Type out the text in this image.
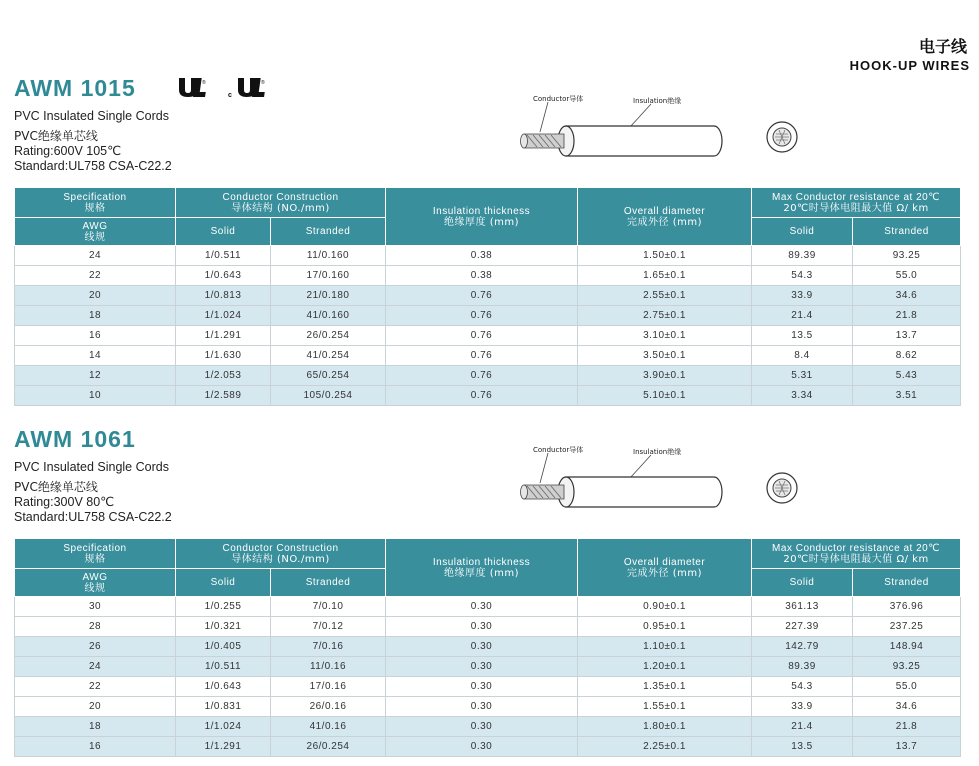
电子线
HOOK-UP WIRES
AWM 1015	®
c
®
PVC Insulated Single Cords
PVC绝缘单芯线
Rating:600V 105℃
Standard:UL758 CSA-C22.2
Conductor导体	Insulation绝缘
Specification
规格	Conductor Construction
导体结构 (NO./mm)		Insulation thickness
绝缘厚度 (mm)	Overall diameter
完成外径 (mm)	Max Conductor resistance at 20℃
20℃时导体电阻最大值 Ω/ km	
AWG
线规	Solid	Stranded			Solid	Stranded
24	1/0.511	11/0.160	0.38	1.50±0.1	89.39	93.25
22	1/0.643	17/0.160	0.38	1.65±0.1	54.3	55.0
20	1/0.813	21/0.180	0.76	2.55±0.1	33.9	34.6
18	1/1.024	41/0.160	0.76	2.75±0.1	21.4	21.8
16	1/1.291	26/0.254	0.76	3.10±0.1	13.5	13.7
14	1/1.630	41/0.254	0.76	3.50±0.1	8.4	8.62
12	1/2.053	65/0.254	0.76	3.90±0.1	5.31	5.43
10	1/2.589	105/0.254	0.76	5.10±0.1	3.34	3.51
AWM 1061
PVC Insulated Single Cords
PVC绝缘单芯线
Rating:300V 80℃
Standard:UL758 CSA-C22.2
Conductor导体	Insulation绝缘
Specification
规格	Conductor Construction
导体结构 (NO./mm)		Insulation thickness
绝缘厚度 (mm)	Overall diameter
完成外径 (mm)	Max Conductor resistance at 20℃
20℃时导体电阻最大值 Ω/ km	
AWG
线规	Solid	Stranded			Solid	Stranded
30	1/0.255	7/0.10	0.30	0.90±0.1	361.13	376.96
28	1/0.321	7/0.12	0.30	0.95±0.1	227.39	237.25
26	1/0.405	7/0.16	0.30	1.10±0.1	142.79	148.94
24	1/0.511	11/0.16	0.30	1.20±0.1	89.39	93.25
22	1/0.643	17/0.16	0.30	1.35±0.1	54.3	55.0
20	1/0.831	26/0.16	0.30	1.55±0.1	33.9	34.6
18	1/1.024	41/0.16	0.30	1.80±0.1	21.4	21.8
16	1/1.291	26/0.254	0.30	2.25±0.1	13.5	13.7
